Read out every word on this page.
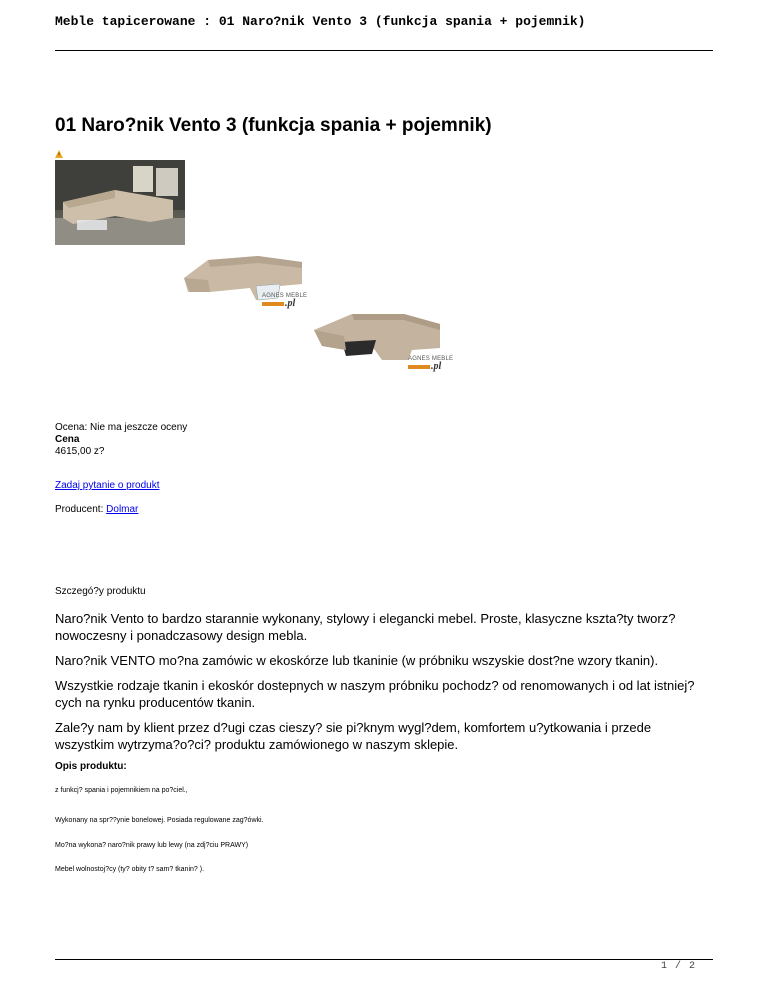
Meble tapicerowane : 01 Naro?nik Vento 3 (funkcja spania + pojemnik)
01 Naro?nik Vento 3 (funkcja spania + pojemnik)
AGNES MEBLE
.pl
AGNES MEBLE
.pl
Ocena: Nie ma jeszcze oceny
Cena
4615,00 z?
Zadaj pytanie o produkt
Producent: Dolmar
Szczegó?y produktu
Naro?nik Vento to bardzo starannie wykonany, stylowy i elegancki mebel. Proste, klasyczne kszta?ty tworz? nowoczesny i ponadczasowy design mebla.
Naro?nik VENTO mo?na zamówic w ekoskórze lub tkaninie (w próbniku wszyskie dost?ne wzory tkanin).
Wszystkie rodzaje tkanin i ekoskór dostepnych w naszym próbniku pochodz? od renomowanych i od lat istniej?cych na rynku producentów tkanin.
Zale?y nam by klient przez d?ugi czas cieszy? sie pi?knym wygl?dem, komfortem u?ytkowania i przede wszystkim wytrzyma?o?ci? produktu zamówionego w naszym sklepie.
Opis produktu:
z funkcj? spania i pojemnikiem na po?ciel.,
Wykonany na spr??ynie bonelowej. Posiada regulowane zag?ówki.
Mo?na wykona? naro?nik prawy lub lewy (na zdj?ciu PRAWY)
Mebel wolnostoj?cy (ty? obity t? sam? tkanin? ).
1 / 2
